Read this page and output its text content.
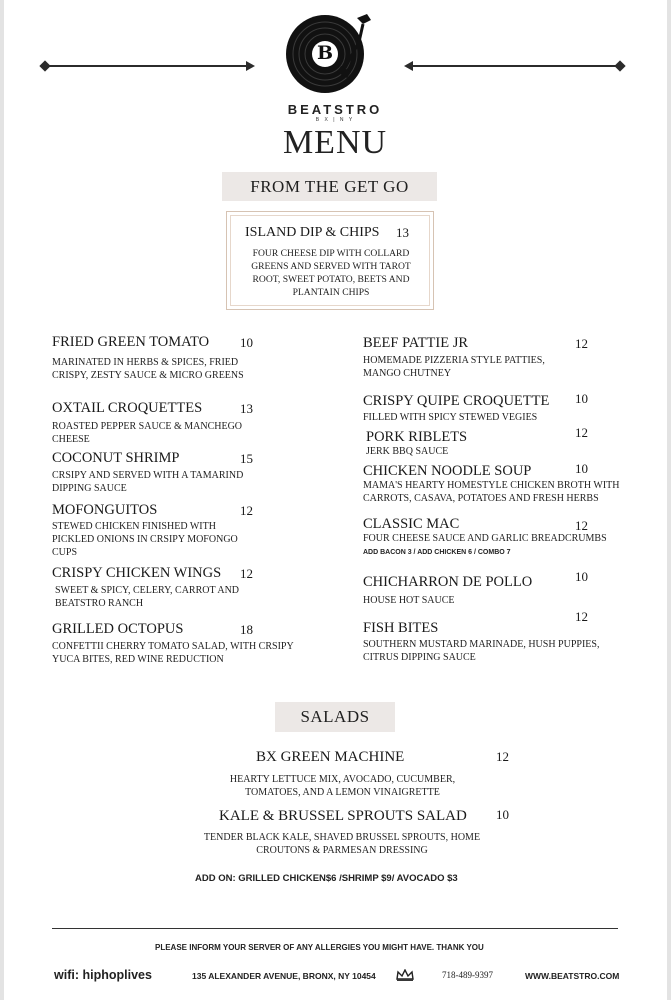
B
BEATSTRO
B X | N Y
MENU
FROM THE GET GO
ISLAND DIP & CHIPS 13
FOUR CHEESE DIP WITH COLLARD GREENS AND SERVED WITH TAROT ROOT, SWEET POTATO, BEETS AND PLANTAIN CHIPS
FRIED GREEN TOMATO 10
MARINATED IN HERBS & SPICES, FRIED CRISPY, ZESTY SAUCE & MICRO GREENS
OXTAIL CROQUETTES	13
ROASTED PEPPER SAUCE & MANCHEGO CHEESE
COCONUT SHRIMP	15
CRSIPY AND SERVED WITH A TAMARIND DIPPING SAUCE
MOFONGUITOS	12
STEWED CHICKEN FINISHED WITH PICKLED ONIONS IN CRSIPY MOFONGO CUPS
CRISPY CHICKEN WINGS 12
SWEET & SPICY, CELERY, CARROT AND BEATSTRO RANCH
GRILLED OCTOPUS	18
CONFETTII CHERRY TOMATO SALAD, WITH CRSIPY YUCA BITES, RED WINE REDUCTION
BEEF PATTIE JR	12
HOMEMADE PIZZERIA STYLE PATTIES, MANGO CHUTNEY
CRISPY QUIPE CROQUETTE 10
FILLED WITH SPICY STEWED VEGIES
PORK RIBLETS	12
JERK BBQ SAUCE
CHICKEN NOODLE SOUP	10
MAMA'S HEARTY HOMESTYLE CHICKEN BROTH WITH CARROTS, CASAVA, POTATOES AND FRESH HERBS
CLASSIC MAC	12
FOUR CHEESE SAUCE AND GARLIC BREADCRUMBS
ADD BACON 3 / ADD CHICKEN 6 / COMBO 7
CHICHARRON DE POLLO	10
HOUSE HOT SAUCE
12
FISH BITES
SOUTHERN MUSTARD MARINADE, HUSH PUPPIES, CITRUS DIPPING SAUCE
SALADS
BX GREEN MACHINE	12
HEARTY LETTUCE MIX, AVOCADO, CUCUMBER, TOMATOES, AND A LEMON VINAIGRETTE
KALE & BRUSSEL SPROUTS SALAD 10
TENDER BLACK KALE, SHAVED BRUSSEL SPROUTS, HOME CROUTONS & PARMESAN DRESSING
ADD ON: GRILLED CHICKEN$6 /SHRIMP $9/ AVOCADO $3
PLEASE INFORM YOUR SERVER OF ANY ALLERGIES YOU MIGHT HAVE. THANK YOU
wifi: hiphoplives	135 ALEXANDER AVENUE, BRONX, NY 10454	718-489-9397	WWW.BEATSTRO.COM
